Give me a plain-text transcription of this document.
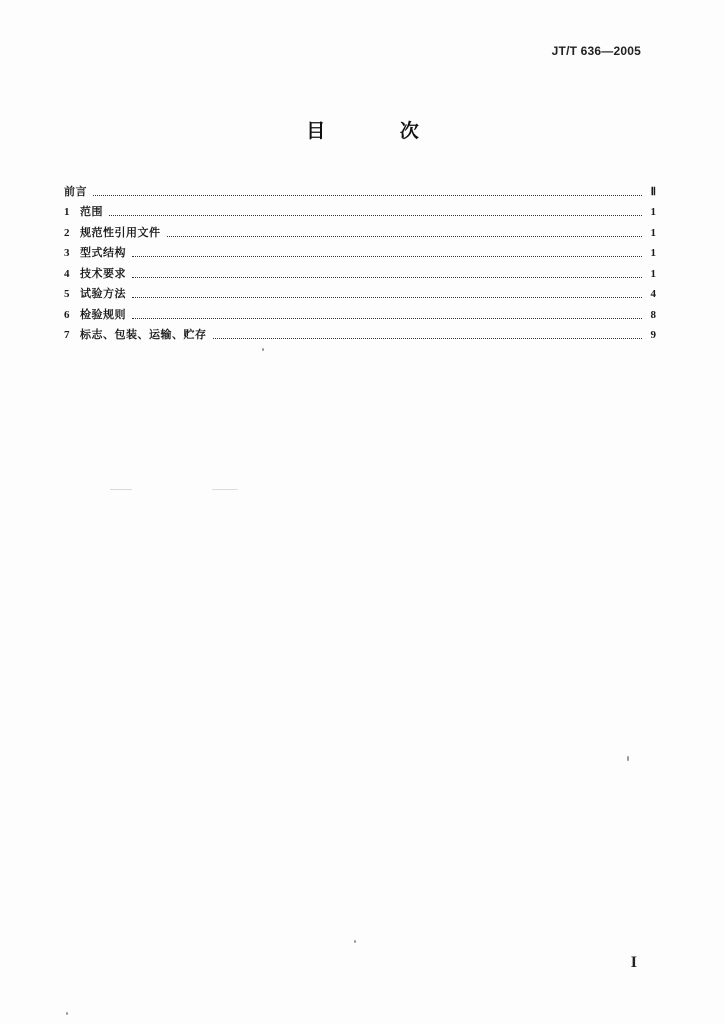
JT/T 636—2005
目 次
前言	Ⅱ
1 范围	1
2 规范性引用文件	1
3 型式结构	1
4 技术要求	1
5 试验方法	4
6 检验规则	8
7 标志、包装、运输、贮存	9
I
